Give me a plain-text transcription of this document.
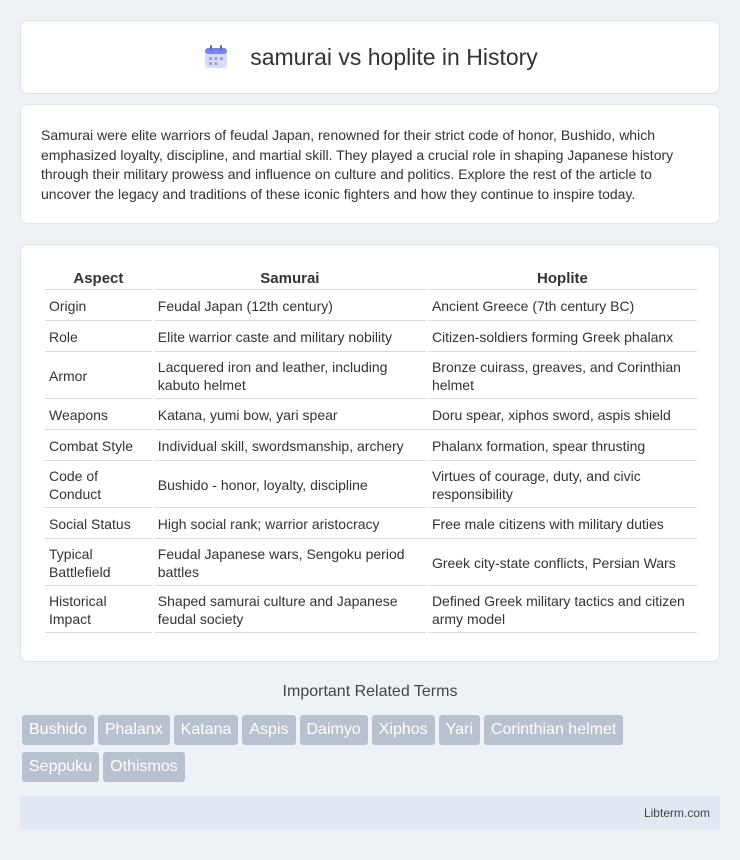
samurai vs hoplite in History

Samurai were elite warriors of feudal Japan, renowned for their strict code of honor, Bushido, which emphasized loyalty, discipline, and martial skill. They played a crucial role in shaping Japanese history through their military prowess and influence on culture and politics. Explore the rest of the article to uncover the legacy and traditions of these iconic fighters and how they continue to inspire today.

Aspect	Samurai	Hoplite
Origin	Feudal Japan (12th century)	Ancient Greece (7th century BC)
Role	Elite warrior caste and military nobility	Citizen-soldiers forming Greek phalanx
Armor	Lacquered iron and leather, including kabuto helmet	Bronze cuirass, greaves, and Corinthian helmet
Weapons	Katana, yumi bow, yari spear	Doru spear, xiphos sword, aspis shield
Combat Style	Individual skill, swordsmanship, archery	Phalanx formation, spear thrusting
Code of Conduct	Bushido - honor, loyalty, discipline	Virtues of courage, duty, and civic responsibility
Social Status	High social rank; warrior aristocracy	Free male citizens with military duties
Typical Battlefield	Feudal Japanese wars, Sengoku period battles	Greek city-state conflicts, Persian Wars
Historical Impact	Shaped samurai culture and Japanese feudal society	Defined Greek military tactics and citizen army model
Important Related Terms
Bushido Phalanx Katana Aspis Daimyo Xiphos Yari Corinthian helmet
Seppuku Othismos
Libterm.com
